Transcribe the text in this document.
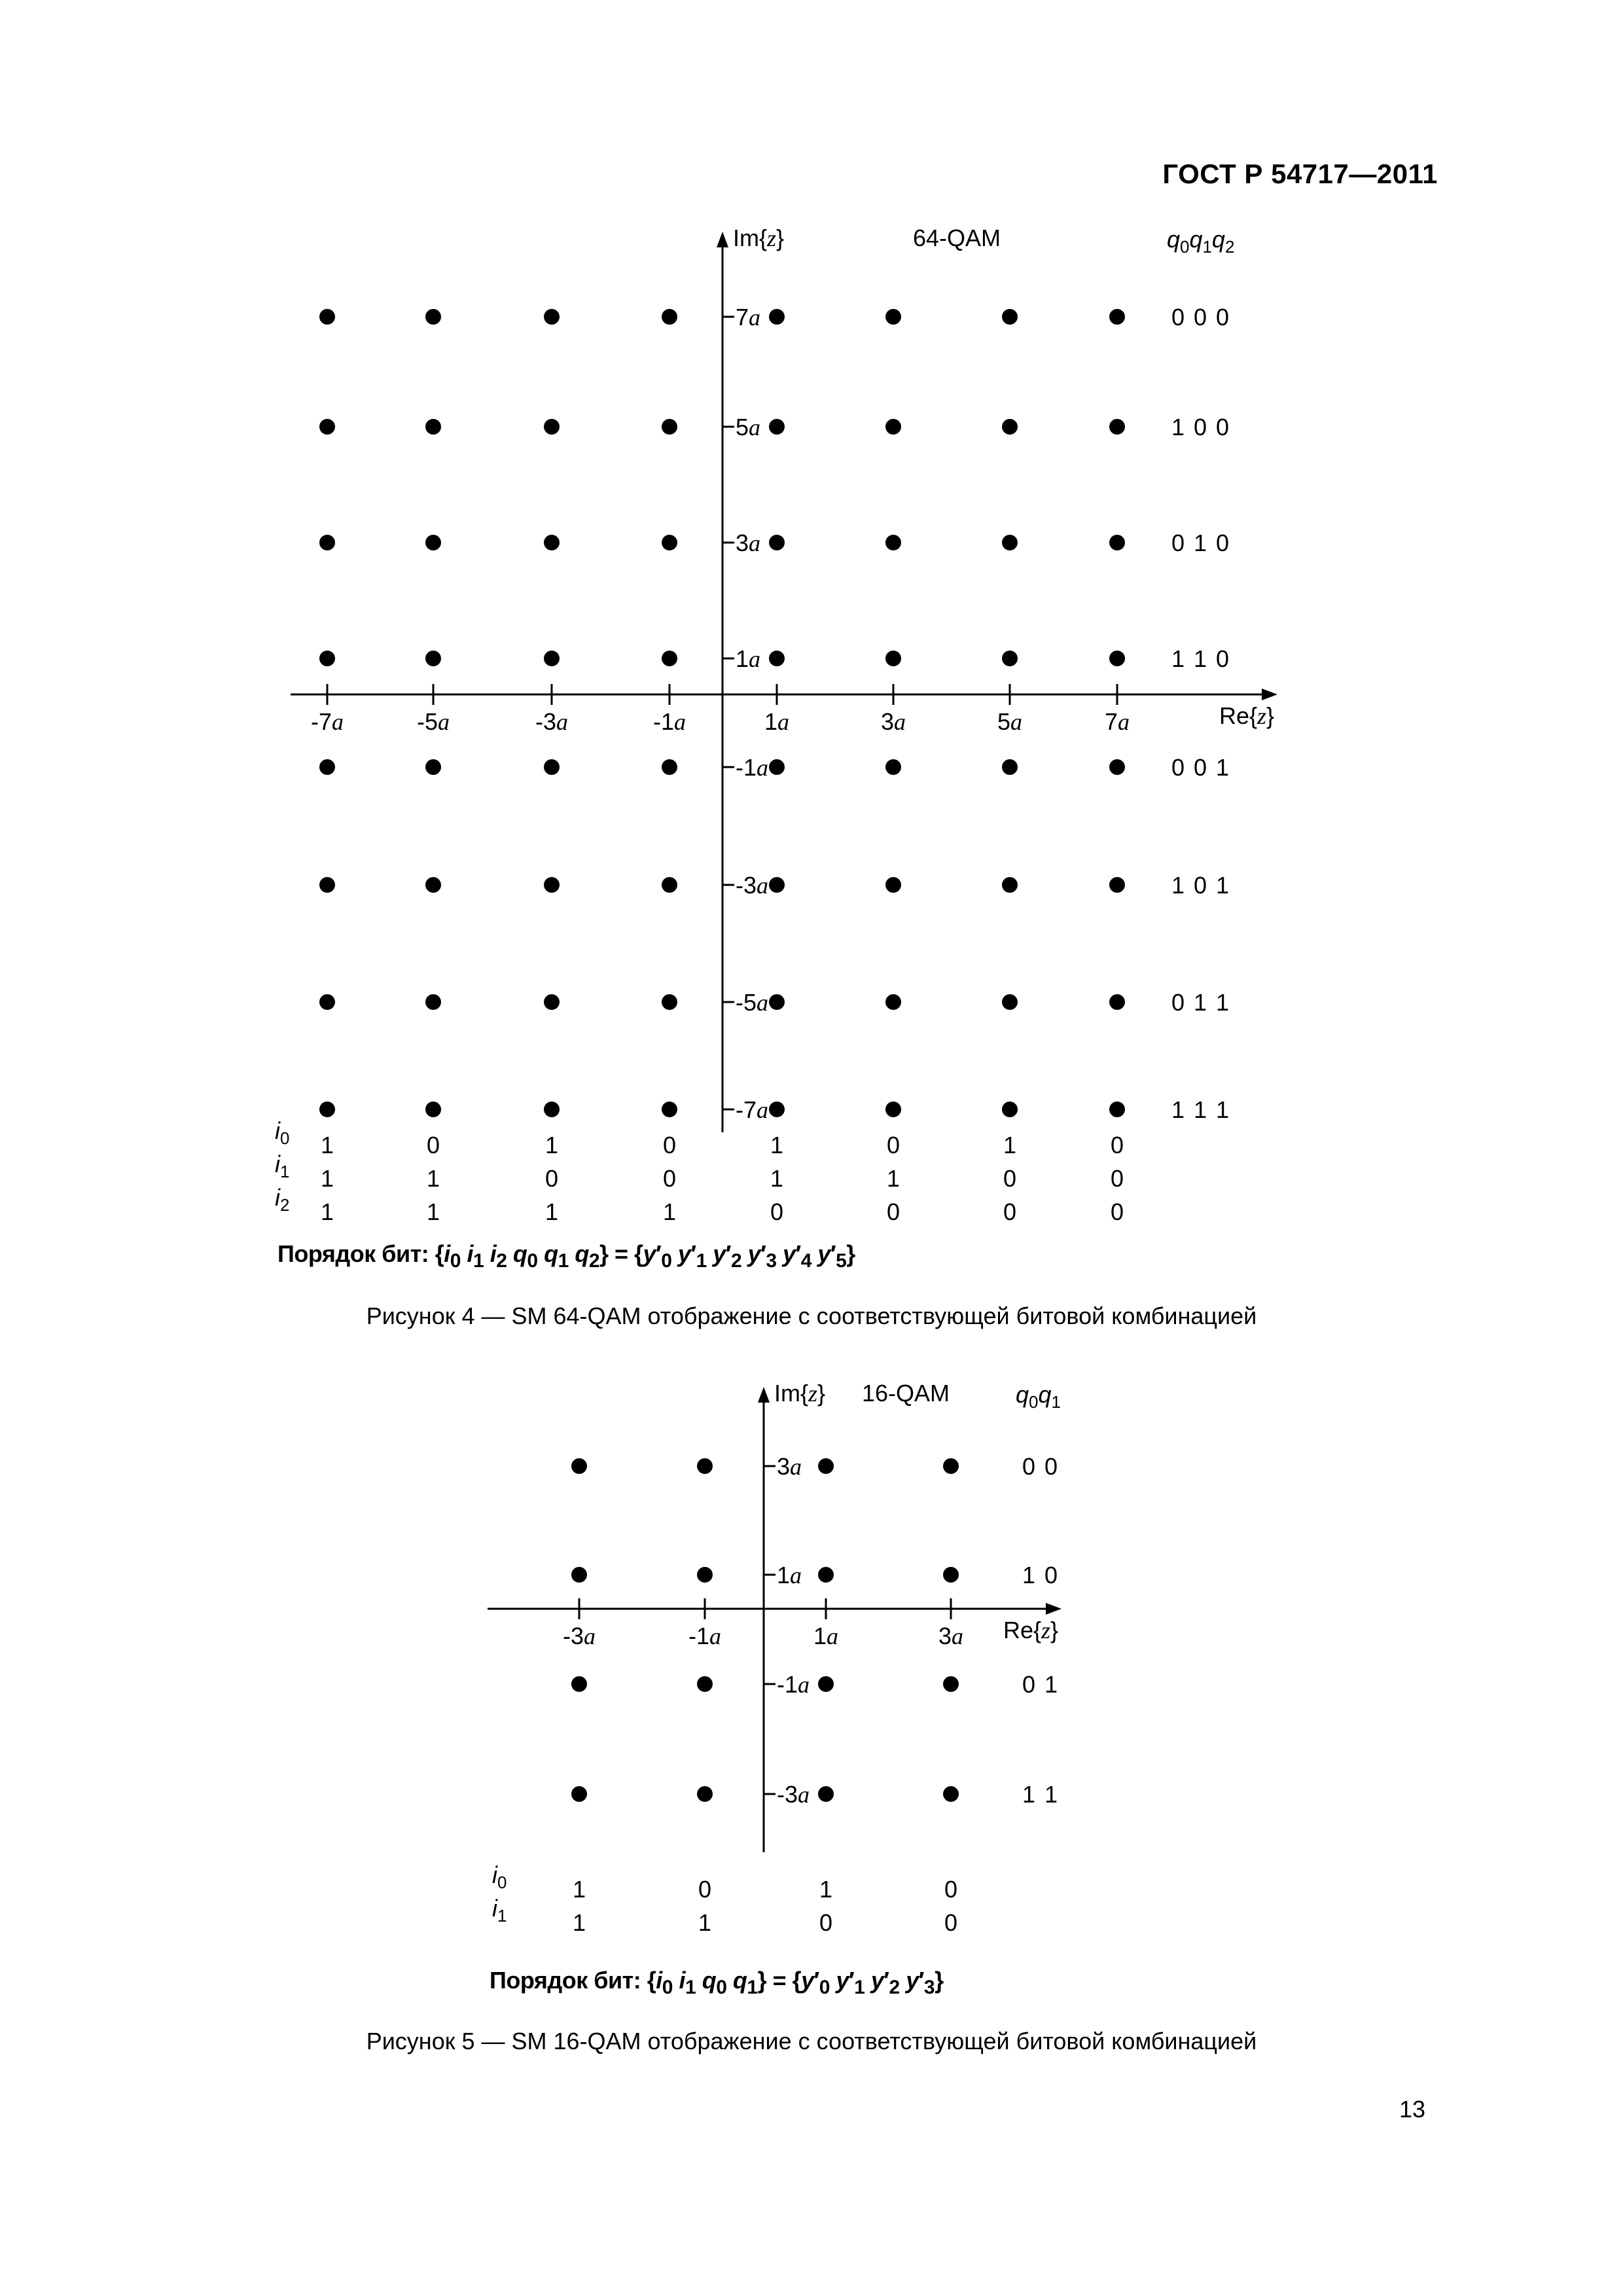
ГОСТ Р 54717—2011
Im{z}
Re{z}
64-QAM	$q_0q_1q_2$
-7a	-5a	-3a	-1a	1a	3a	5a	7a
7a
5a
3a
1a
-1a
-3a
-5a
-7a
0 0 0
1 0 0
0 1 0
1 1 0
0 0 1
1 0 1
0 1 1
1 1 1
$i_0$ 1	0	1	0	1	0	1	0
$i_1$ 1	1	0	0	1	1	0	0
$i_2$ 1	1	1	1	0	0	0	0
Порядок бит: {$i_0$ $i_1$ $i_2$ $q_0$ $q_1$ $q_2\} = \{y'_0$ $y'_1$ $y'_2$ $y'_3$ $y'_4$ $y'_5$}
Рисунок 4 — SM 64-QAM отображение с соответствующей битовой комбинацией
Im{z}
Re{z}
16-QAM	$q_0q_1$
-3a	-1a	1a	3a
3a
1a
-1a
-3a
0 0
1 0
0 1
1 1
$i_0$	1	0	1	0
$i_1$	1	1	0	0
Порядок бит: {$i_0$ $i_1$ $q_0$ $q_1\} = \{y'_0$ $y'_1$ $y'_2$ $y'_3$}
Рисунок 5 — SM 16-QAM отображение с соответствующей битовой комбинацией
13
